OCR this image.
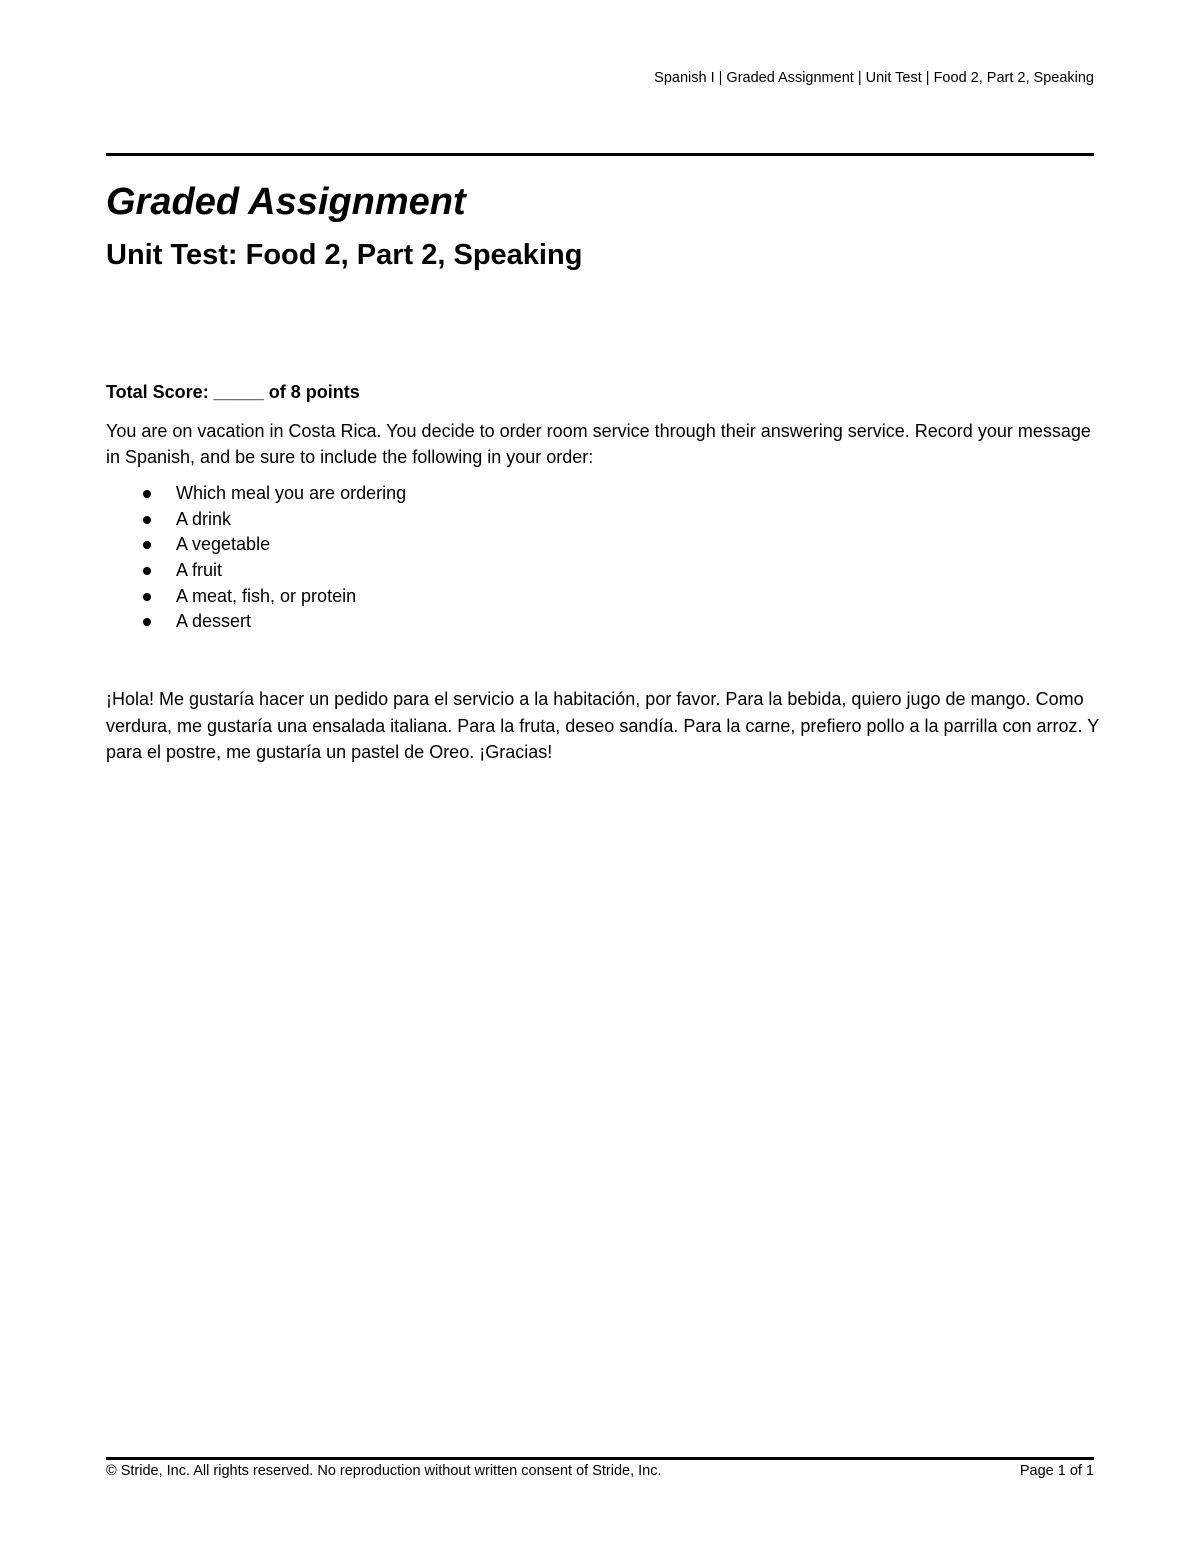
Spanish I | Graded Assignment | Unit Test | Food 2, Part 2, Speaking
Graded Assignment
Unit Test: Food 2, Part 2, Speaking
Total Score: _____ of 8 points

You are on vacation in Costa Rica. You decide to order room service through their answering service. Record your message in Spanish, and be sure to include the following in your order:

Which meal you are ordering
A drink
A vegetable
A fruit
A meat, fish, or protein
A dessert

¡Hola! Me gustaría hacer un pedido para el servicio a la habitación, por favor. Para la bebida, quiero jugo de mango. Como verdura, me gustaría una ensalada italiana. Para la fruta, deseo sandía. Para la carne, prefiero pollo a la parrilla con arroz. Y para el postre, me gustaría un pastel de Oreo. ¡Gracias!

© Stride, Inc. All rights reserved. No reproduction without written consent of Stride, Inc.	Page 1 of 1
